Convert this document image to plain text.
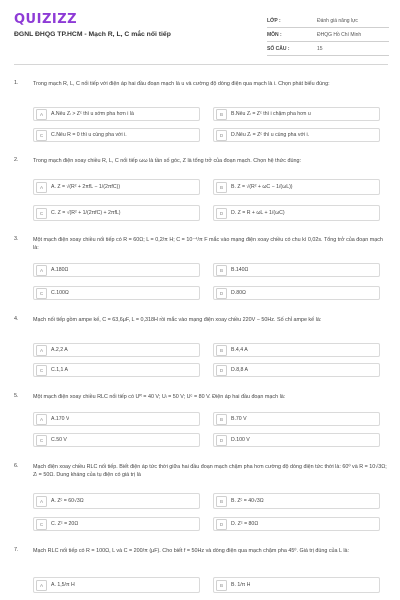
QUIZIZZ
ĐGNL ĐHQG TP.HCM - Mạch R, L, C mắc nối tiếp
LỚP :	Đánh giá năng lực
MÔN :	ĐHQG Hồ Chí Minh
SỐ CÂU :	15
1.	Trong mạch R, L, C nối tiếp với điện áp hai đầu đoạn mạch là u và cường độ dòng điện qua mạch là i. Chọn phát biểu đúng:
A	A.Nếu Zₗ > Zᶜ thì u sớm pha hơn i là	B	B.Nếu Zₗ = Zᶜ thì i chậm pha hơn u
C	C.Nếu R = 0 thì u cùng pha với i.	D	D.Nếu Zₗ = Zᶜ thì u cùng pha với i.
2.	Trong mạch điện xoay chiều R, L, C nối tiếp ωω là tần số góc, Z là tổng trở của đoạn mạch. Chọn hệ thức đúng:
A	A. Z = √(R² + 2πfL − 1/(2πfC))	B	B. Z = √(R² + ωC − 1/(ωL))
C	C. Z = √(R² + 1/(2πfC) + 2πfL)	D	D. Z = R + ωL + 1/(ωC)
3.	Một mạch điện xoay chiều nối tiếp có R = 60Ω; L = 0,2/π H; C = 10⁻⁴/π F mắc vào mạng điện xoay chiều có chu kì 0,02s. Tổng trở của đoạn mạch là:
A	A.180Ω	B	B.140Ω
C	C.100Ω	D	D.80Ω
4.	Mạch nối tiếp gồm ampe kế, C = 63,6μF, L = 0,318H rồi mắc vào mạng điện xoay chiều 220V − 50Hz. Số chỉ ampe kế là:
A	A.2,2 A	B	B.4,4 A
C	C.1,1 A	D	D.8,8 A
5.	Một mạch điện xoay chiều RLC nối tiếp có Uᴿ = 40 V; Uₗ = 50 V; Uᶜ = 80 V. Điện áp hai đầu đoạn mạch là:
A	A.170 V	B	B.70 V
C	C.50 V	D	D.100 V
6.	Mạch điện xoay chiều RLC nối tiếp. Biết điện áp tức thời giữa hai đầu đoạn mạch chậm pha hơn cường độ dòng điện tức thời là: 60⁰ và R = 10√3Ω; Zₗ = 50Ω. Dung kháng của tụ điện có giá trị là
A	A. Zᶜ = 60√3Ω	B	B. Zᶜ = 40√3Ω
C	C. Zᶜ = 20Ω	D	D. Zᶜ = 80Ω
7.	Mạch RLC nối tiếp có R = 100Ω, L và C = 200/π (μF). Cho biết f = 50Hz và dòng điện qua mạch chậm pha 45⁰. Giá trị đúng của L là:
A	A. 1,5/π H	B	B. 1/π H
